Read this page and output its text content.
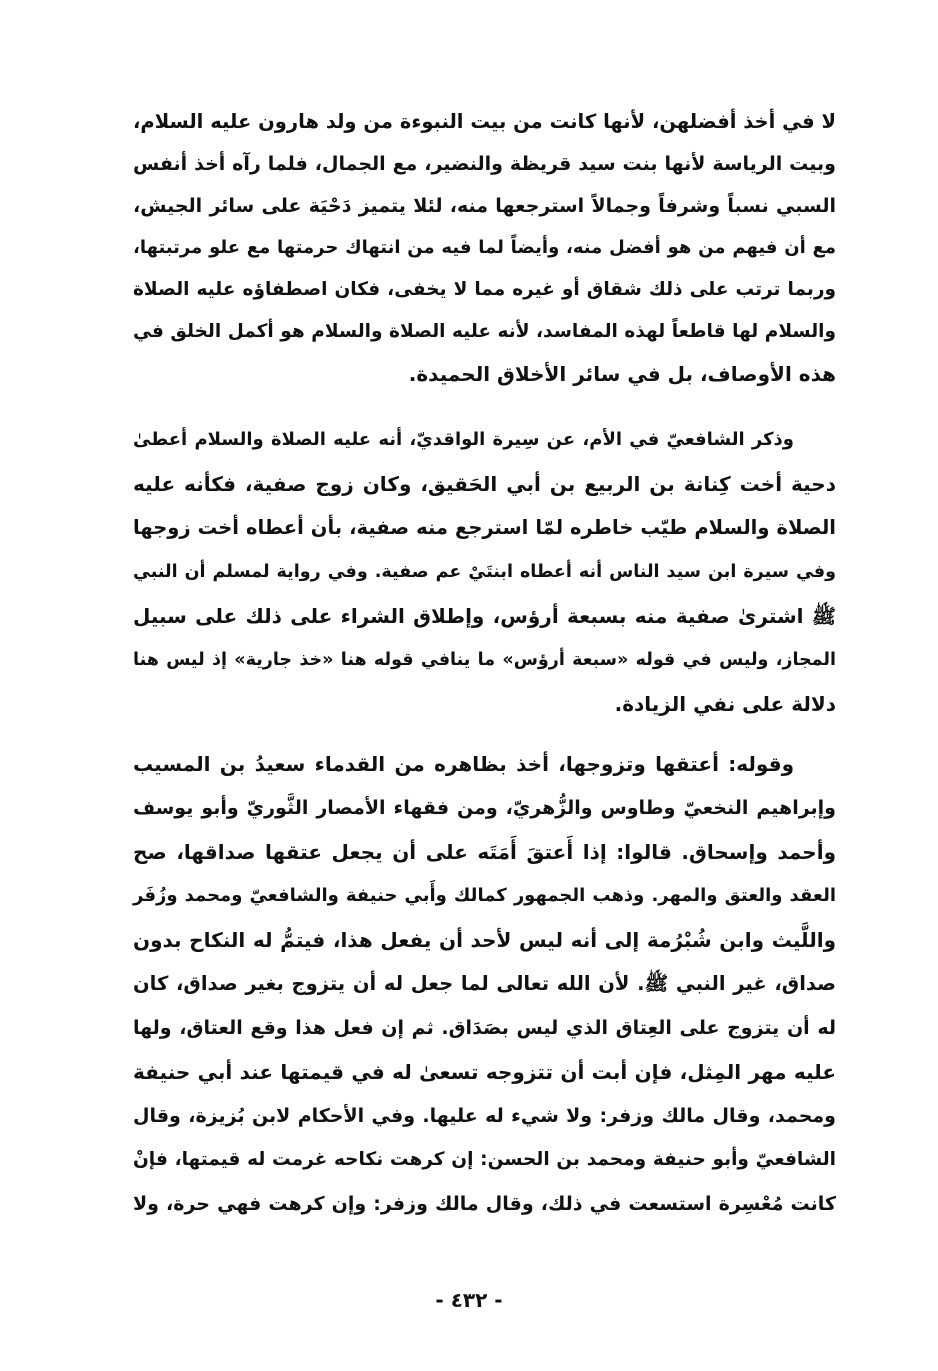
لا في أخذ أفضلهن، لأنها كانت من بيت النبوءة من ولد هارون عليه السلام،
وبيت الرياسة لأنها بنت سيد قريظة والنضير، مع الجمال، فلما رآه أخذ أنفس
السبي نسباً وشرفاً وجمالاً استرجعها منه، لئلا يتميز دَحْيَة على سائر الجيش،
مع أن فيهم من هو أفضل منه، وأيضاً لما فيه من انتهاك حرمتها مع علو مرتبتها،
وربما ترتب على ذلك شقاق أو غيره مما لا يخفى، فكان اصطفاؤه عليه الصلاة
والسلام لها قاطعاً لهذه المفاسد، لأنه عليه الصلاة والسلام هو أكمل الخلق في
هذه الأوصاف، بل في سائر الأخلاق الحميدة.
وذكر الشافعيّ في الأم، عن سِيرة الواقديّ، أنه عليه الصلاة والسلام أعطىٰ
دحية أخت كِنانة بن الربيع بن أبي الحَقيق، وكان زوج صفية، فكأنه عليه
الصلاة والسلام طيّب خاطره لمّا استرجع منه صفية، بأن أعطاه أخت زوجها
وفي سيرة ابن سيد الناس أنه أعطاه ابنتَيْ عم صفية. وفي رواية لمسلم أن النبي
ﷺ اشترىٰ صفية منه بسبعة أرؤس، وإطلاق الشراء على ذلك على سبيل
المجاز، وليس في قوله «سبعة أرؤس» ما ينافي قوله هنا «خذ جارية» إذ ليس هنا
دلالة على نفي الزيادة.
وقوله: أعتقها وتزوجها، أخذ بظاهره من القدماء سعيدُ بن المسيب
وإبراهيم النخعيّ وطاوس والزُّهريّ، ومن فقهاء الأمصار الثَّوريّ وأبو يوسف
وأحمد وإسحاق. قالوا: إذا أَعتقَ أَمَتَه على أن يجعل عتقها صداقها، صح
العقد والعتق والمهر. وذهب الجمهور كمالك وأَبي حنيفة والشافعيّ ومحمد وزُفَر
واللَّيث وابن شُبْرُمة إلى أنه ليس لأحد أن يفعل هذا، فيتمُّ له النكاح بدون
صداق، غير النبي ﷺ. لأن الله تعالى لما جعل له أن يتزوج بغير صداق، كان
له أن يتزوج على العِتاق الذي ليس بصَدَاق. ثم إن فعل هذا وقع العتاق، ولها
عليه مهر المِثل، فإن أبت أن تتزوجه تسعىٰ له في قيمتها عند أبي حنيفة
ومحمد، وقال مالك وزفر: ولا شيء له عليها. وفي الأحكام لابن بُزيزة، وقال
الشافعيّ وأبو حنيفة ومحمد بن الحسن: إن كرهت نكاحه غرمت له قيمتها، فإنْ
كانت مُعْسِرة استسعت في ذلك، وقال مالك وزفر: وإن كرهت فهي حرة، ولا
- ٤٣٢ -
